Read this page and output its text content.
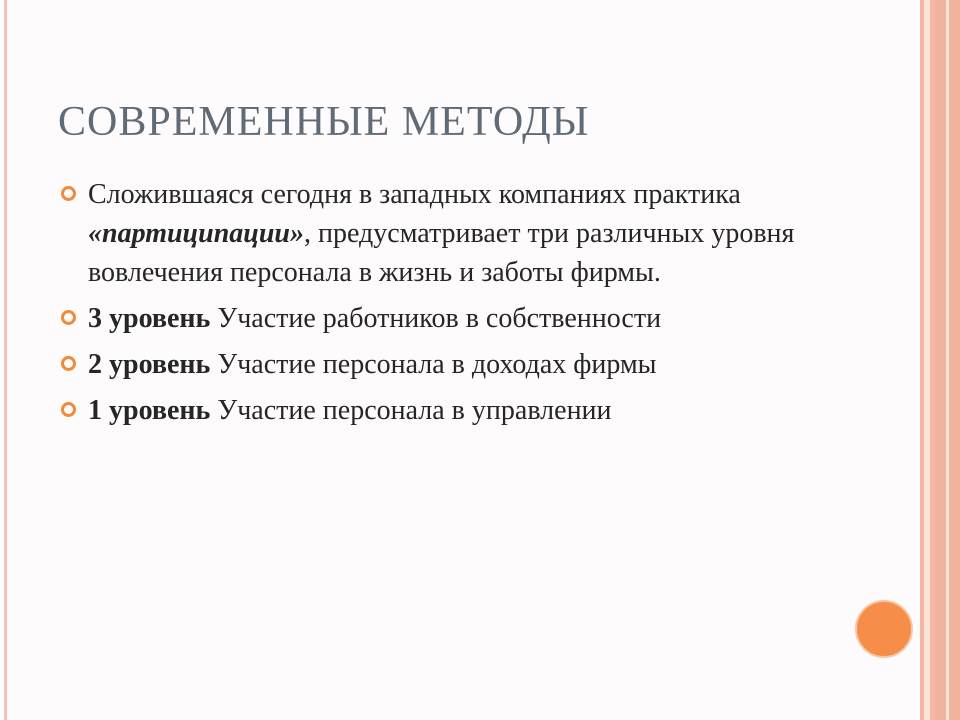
СОВРЕМЕННЫЕ МЕТОДЫ
Сложившаяся сегодня в западных компаниях практика «партиципации», предусматривает три различных уровня вовлечения персонала в жизнь и заботы фирмы.
3 уровень Участие работников в собственности
2 уровень Участие персонала в доходах фирмы
1 уровень Участие персонала в управлении
